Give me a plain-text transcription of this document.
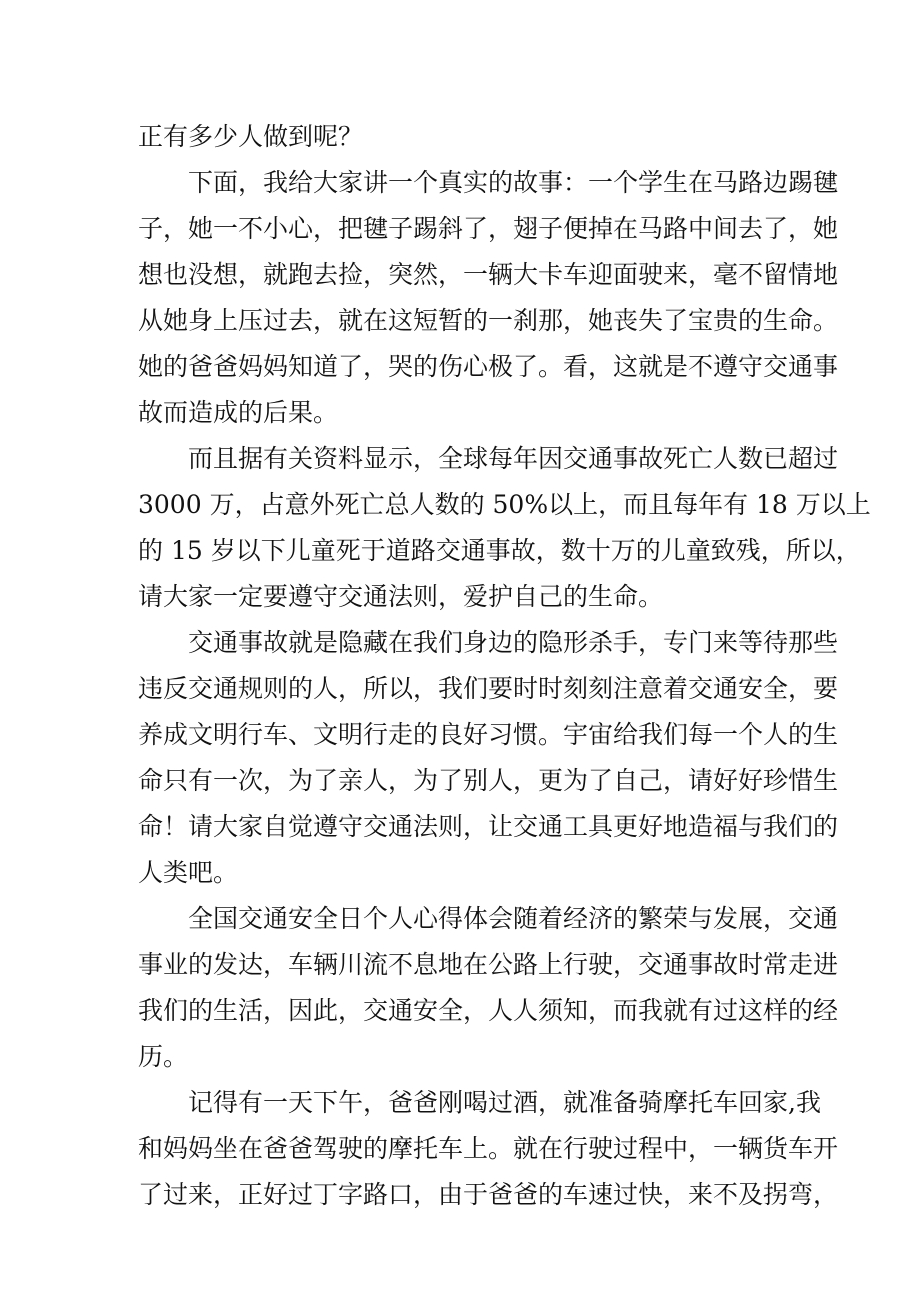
正有多少人做到呢？
下面，我给大家讲一个真实的故事：一个学生在马路边踢毽
子，她一不小心，把毽子踢斜了，翅子便掉在马路中间去了，她
想也没想，就跑去捡，突然，一辆大卡车迎面驶来，毫不留情地
从她身上压过去，就在这短暂的一刹那，她丧失了宝贵的生命。
她的爸爸妈妈知道了，哭的伤心极了。看，这就是不遵守交通事
故而造成的后果。
而且据有关资料显示，全球每年因交通事故死亡人数已超过
3000 万，占意外死亡总人数的 50%以上，而且每年有 18 万以上
的 15 岁以下儿童死于道路交通事故，数十万的儿童致残，所以，
请大家一定要遵守交通法则，爱护自己的生命。
交通事故就是隐藏在我们身边的隐形杀手，专门来等待那些
违反交通规则的人，所以，我们要时时刻刻注意着交通安全，要
养成文明行车、文明行走的良好习惯。宇宙给我们每一个人的生
命只有一次，为了亲人，为了别人，更为了自己，请好好珍惜生
命！请大家自觉遵守交通法则，让交通工具更好地造福与我们的
人类吧。
全国交通安全日个人心得体会随着经济的繁荣与发展，交通
事业的发达，车辆川流不息地在公路上行驶，交通事故时常走进
我们的生活，因此，交通安全，人人须知，而我就有过这样的经
历。
记得有一天下午，爸爸刚喝过酒，就准备骑摩托车回家,我
和妈妈坐在爸爸驾驶的摩托车上。就在行驶过程中，一辆货车开
了过来，正好过丁字路口，由于爸爸的车速过快，来不及拐弯，
